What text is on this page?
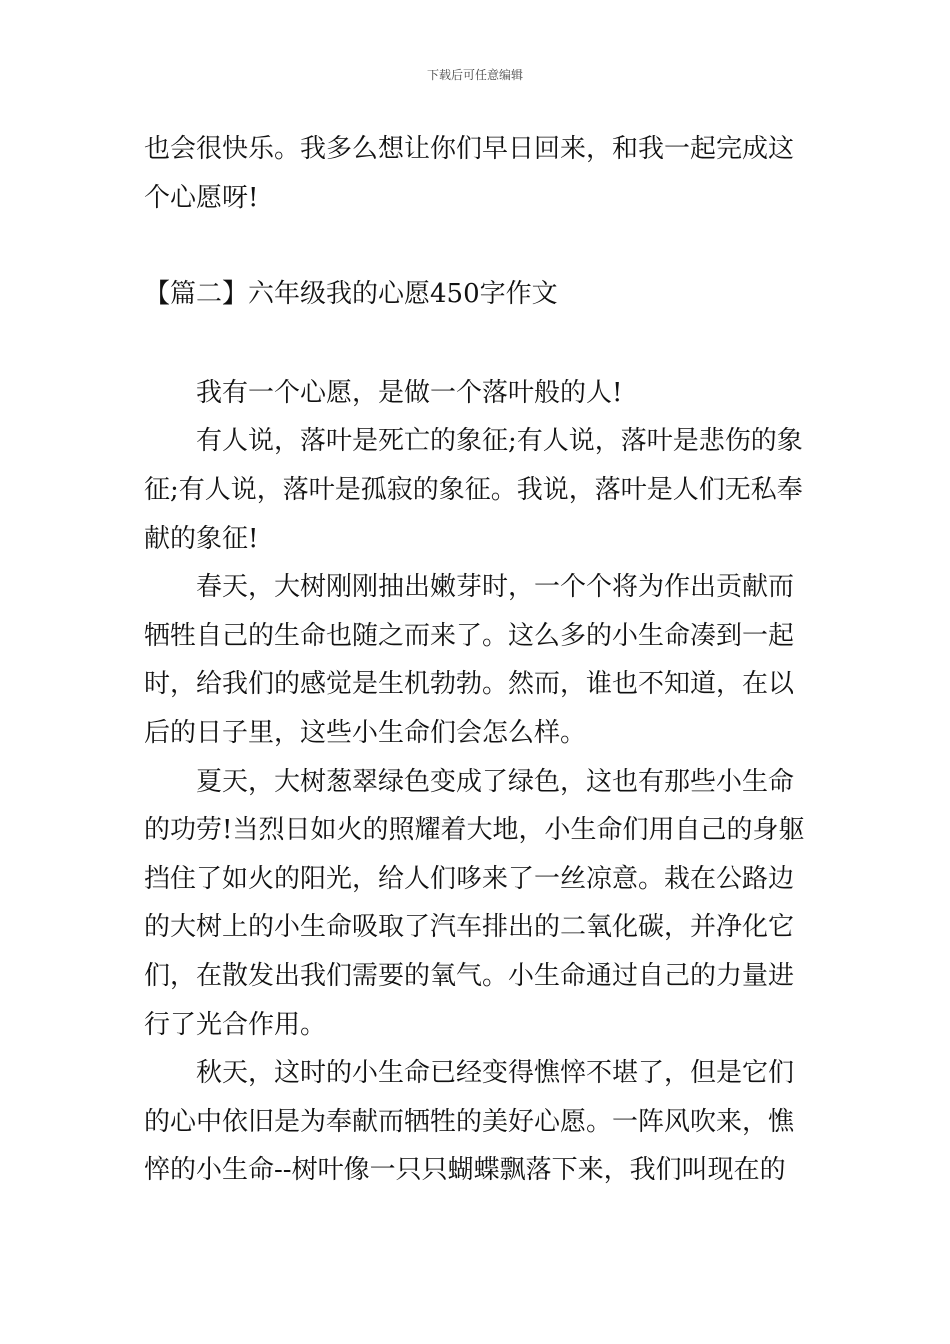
下载后可任意编辑

也会很快乐。我多么想让你们早日回来，和我一起完成这个心愿呀!

【篇二】六年级我的心愿450字作文

我有一个心愿，是做一个落叶般的人!

有人说，落叶是死亡的象征;有人说，落叶是悲伤的象征;有人说，落叶是孤寂的象征。我说，落叶是人们无私奉献的象征!

春天，大树刚刚抽出嫩芽时，一个个将为作出贡献而牺牲自己的生命也随之而来了。这么多的小生命凑到一起时，给我们的感觉是生机勃勃。然而，谁也不知道，在以后的日子里，这些小生命们会怎么样。

夏天，大树葱翠绿色变成了绿色，这也有那些小生命的功劳!当烈日如火的照耀着大地，小生命们用自己的身躯挡住了如火的阳光，给人们哆来了一丝凉意。栽在公路边的大树上的小生命吸取了汽车排出的二氧化碳，并净化它们，在散发出我们需要的氧气。小生命通过自己的力量进行了光合作用。

秋天，这时的小生命已经变得憔悴不堪了，但是它们的心中依旧是为奉献而牺牲的美好心愿。一阵风吹来，憔悴的小生命--树叶像一只只蝴蝶飘落下来，我们叫现在的
